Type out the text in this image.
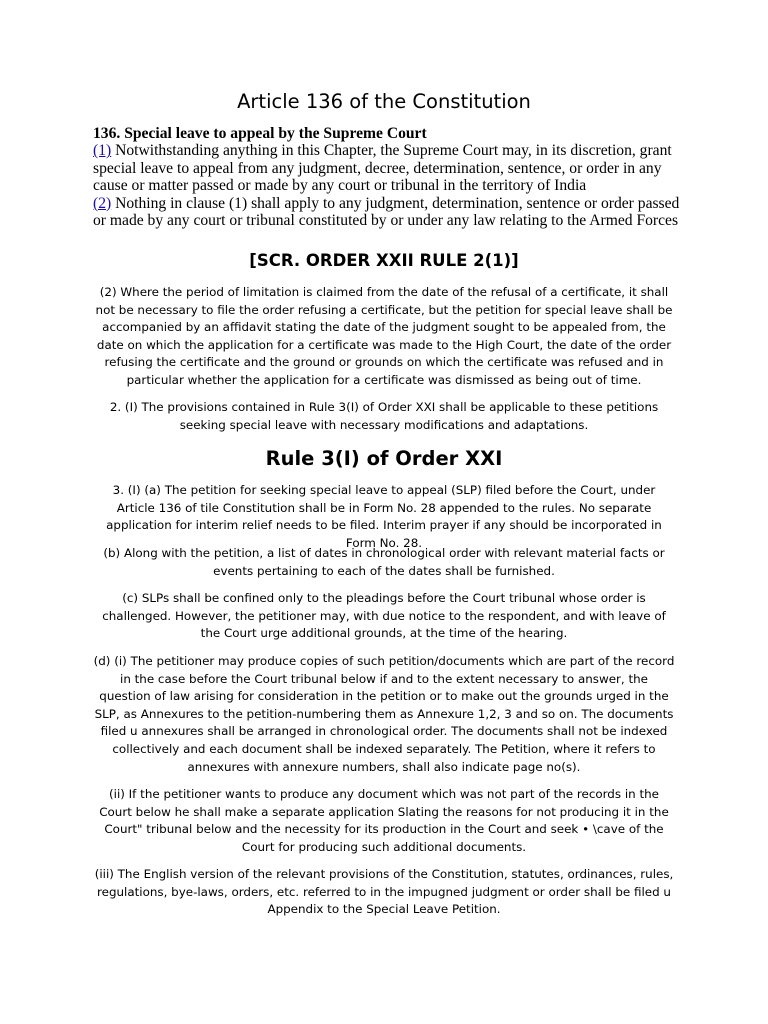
Article 136 of the Constitution

136. Special leave to appeal by the Supreme Court

(1) Notwithstanding anything in this Chapter, the Supreme Court may, in its discretion, grant special leave to appeal from any judgment, decree, determination, sentence, or order in any cause or matter passed or made by any court or tribunal in the territory of India

(2) Nothing in clause (1) shall apply to any judgment, determination, sentence or order passed or made by any court or tribunal constituted by or under any law relating to the Armed Forces

[SCR. ORDER XXII RULE 2(1)]

(2) Where the period of limitation is claimed from the date of the refusal of a certificate, it shall not be necessary to file the order refusing a certificate, but the petition for special leave shall be accompanied by an affidavit stating the date of the judgment sought to be appealed from, the date on which the application for a certificate was made to the High Court, the date of the order refusing the certificate and the ground or grounds on which the certificate was refused and in particular whether the application for a certificate was dismissed as being out of time.

2. (I) The provisions contained in Rule 3(I) of Order XXI shall be applicable to these petitions seeking special leave with necessary modifications and adaptations.

Rule 3(I) of Order XXI

3. (I) (a) The petition for seeking special leave to appeal (SLP) filed before the Court, under Article 136 of tile Constitution shall be in Form No. 28 appended to the rules. No separate application for interim relief needs to be filed. Interim prayer if any should be incorporated in Form No. 28.

(b) Along with the petition, a list of dates in chronological order with relevant material facts or events pertaining to each of the dates shall be furnished.

(c) SLPs shall be confined only to the pleadings before the Court tribunal whose order is challenged. However, the petitioner may, with due notice to the respondent, and with leave of the Court urge additional grounds, at the time of the hearing.

(d) (i) The petitioner may produce copies of such petition/documents which are part of the record in the case before the Court tribunal below if and to the extent necessary to answer, the question of law arising for consideration in the petition or to make out the grounds urged in the SLP, as Annexures to the petition-numbering them as Annexure 1,2, 3 and so on. The documents filed u annexures shall be arranged in chronological order. The documents shall not be indexed collectively and each document shall be indexed separately. The Petition, where it refers to annexures with annexure numbers, shall also indicate page no(s).

(ii) If the petitioner wants to produce any document which was not part of the records in the Court below he shall make a separate application Slating the reasons for not producing it in the Court" tribunal below and the necessity for its production in the Court and seek • \cave of the Court for producing such additional documents.

(iii) The English version of the relevant provisions of the Constitution, statutes, ordinances, rules, regulations, bye-laws, orders, etc. referred to in the impugned judgment or order shall be filed u Appendix to the Special Leave Petition.
